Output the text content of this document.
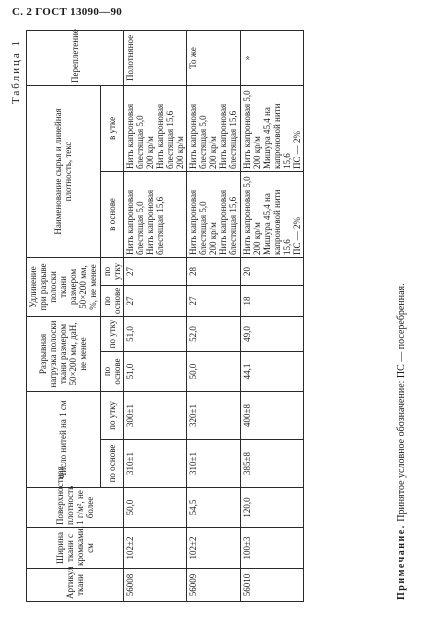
С. 2 ГОСТ 13090—90
Таблица 1
Артикул ткани	Ширина ткани с кромками, см	Поверхностная плотность 1 г/м², не более	Число нитей на 1 см		Разрывная нагрузка полоски ткани размером 50×200 мм, даН, не менее		Удлинение при разрыве полоски ткани размером 50×200 мм, %, не менее		Наименование сырья и линейная плотность, текс		Переплетение
			по основе	по утку	по основе	по утку	по основе	по утку	в основе	в утке	
56008	102±2	50,0	310±1	300±1	51,0	51,0	27	27	Нить капроновая блестящая 5,0
Нить капроновая блестящая 15,6	Нить капроновая блестящая 5,0
200 кр/м
Нить капроновая блестящая 15,6
200 кр/м	Полотняное
56009	102±2	54,5	310±1	320±1	50,0	52,0	27	28	Нить капроновая блестящая 5,0
200 кр/м
Нить капроновая блестящая 15,6	Нить капроновая блестящая 5,0
200 кр/м
Нить капроновая блестящая 15,6	То же
56010	100±3	120,0	385±8	400±8	44,1	49,0	18	20	Нить капроновая 5,0
200 кр/м
Мишура 45,4 на капроновой нити 15,6
ПС — 2%	Нить капроновая 5,0
200 кр/м
Мишура 45,4 на капроновой нити 15,6
ПС — 2%	»
Примечание. Принятое условное обозначение: ПС — посеребренная.
